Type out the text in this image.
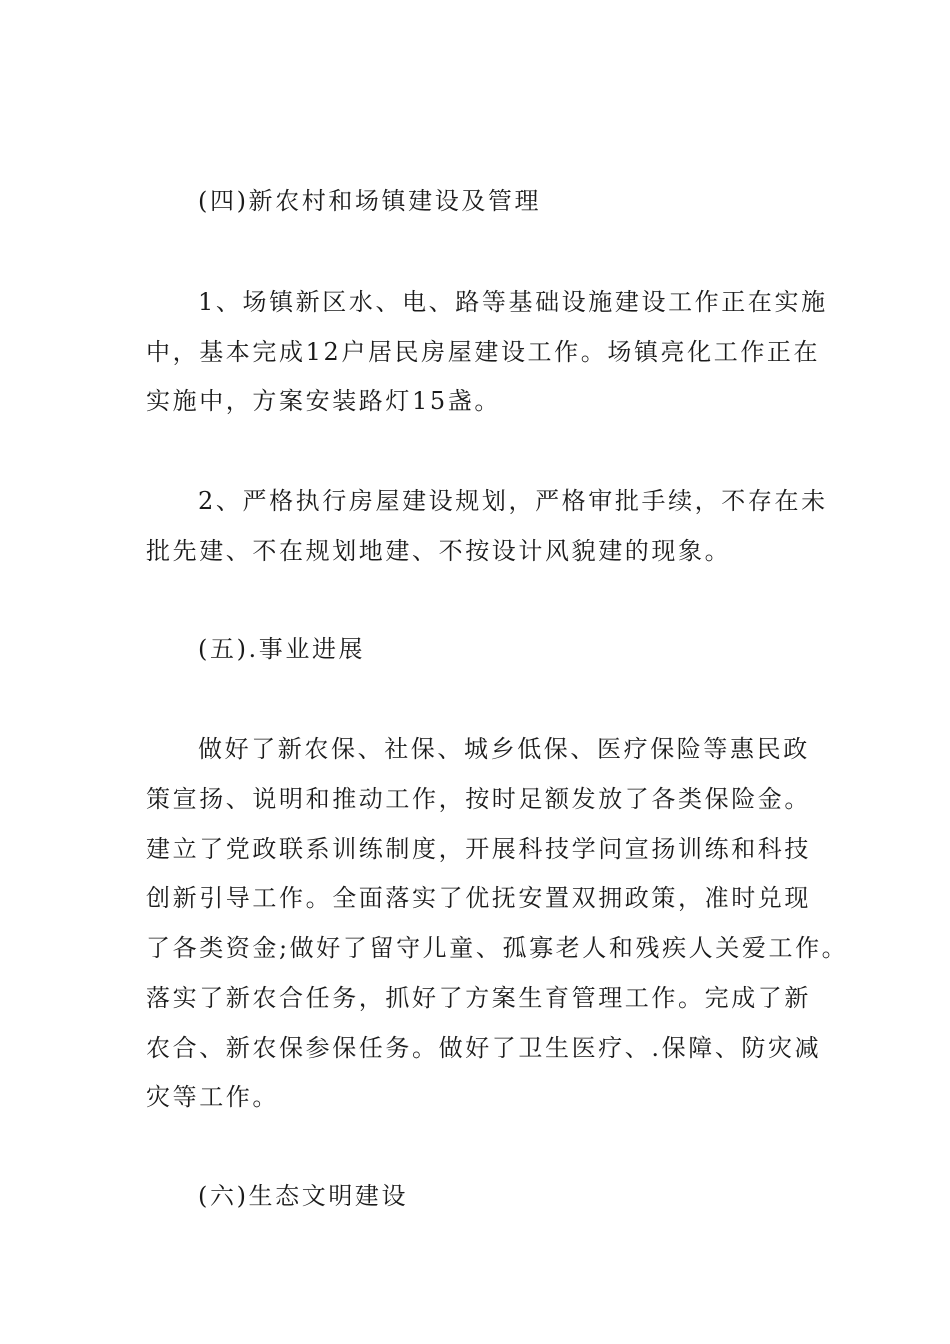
(四)新农村和场镇建设及管理
1、场镇新区水、电、路等基础设施建设工作正在实施
中，基本完成12户居民房屋建设工作。场镇亮化工作正在
实施中，方案安装路灯15盏。
2、严格执行房屋建设规划，严格审批手续，不存在未
批先建、不在规划地建、不按设计风貌建的现象。
(五).事业进展
做好了新农保、社保、城乡低保、医疗保险等惠民政
策宣扬、说明和推动工作，按时足额发放了各类保险金。
建立了党政联系训练制度，开展科技学问宣扬训练和科技
创新引导工作。全面落实了优抚安置双拥政策，准时兑现
了各类资金;做好了留守儿童、孤寡老人和残疾人关爱工作。
落实了新农合任务，抓好了方案生育管理工作。完成了新
农合、新农保参保任务。做好了卫生医疗、.保障、防灾减
灾等工作。
(六)生态文明建设
